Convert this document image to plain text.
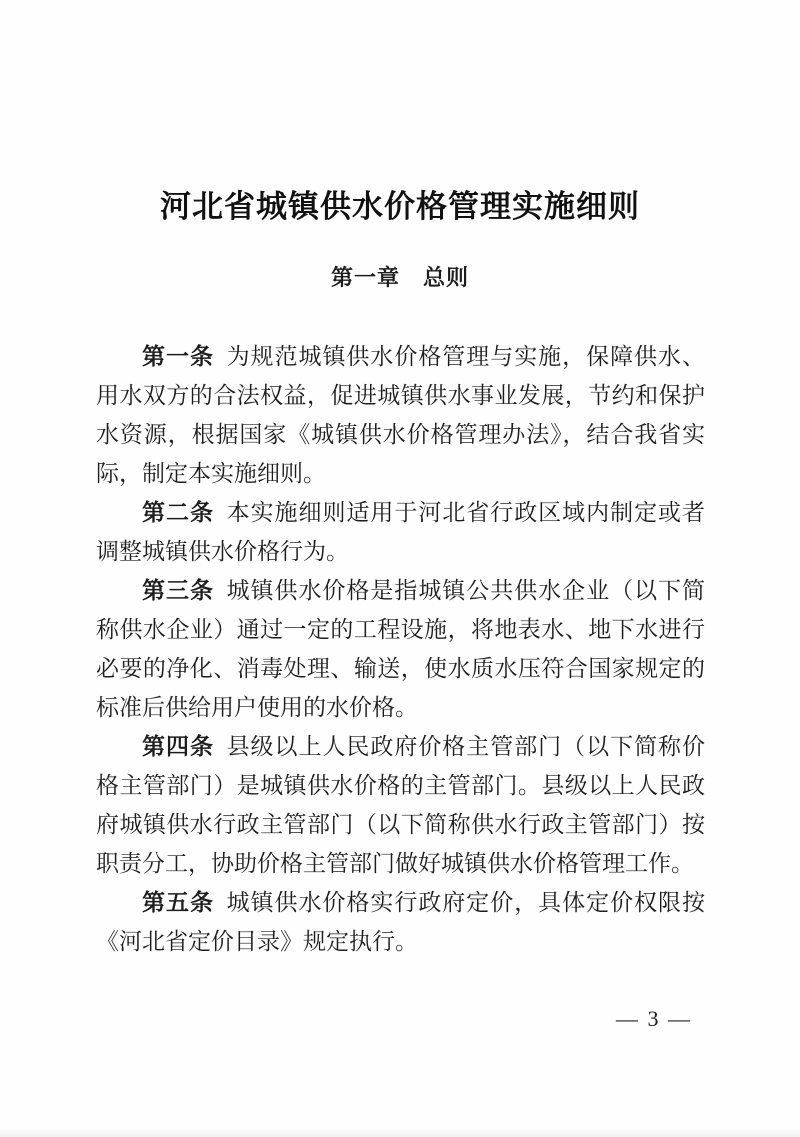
河北省城镇供水价格管理实施细则
第一章　总则

第一条 为规范城镇供水价格管理与实施，保障供水、用水双方的合法权益，促进城镇供水事业发展，节约和保护水资源，根据国家《城镇供水价格管理办法》，结合我省实际，制定本实施细则。

第二条 本实施细则适用于河北省行政区域内制定或者调整城镇供水价格行为。

第三条 城镇供水价格是指城镇公共供水企业（以下简称供水企业）通过一定的工程设施，将地表水、地下水进行必要的净化、消毒处理、输送，使水质水压符合国家规定的标准后供给用户使用的水价格。

第四条 县级以上人民政府价格主管部门（以下简称价格主管部门）是城镇供水价格的主管部门。县级以上人民政府城镇供水行政主管部门（以下简称供水行政主管部门）按职责分工，协助价格主管部门做好城镇供水价格管理工作。

第五条 城镇供水价格实行政府定价，具体定价权限按《河北省定价目录》规定执行。

— 3 —
